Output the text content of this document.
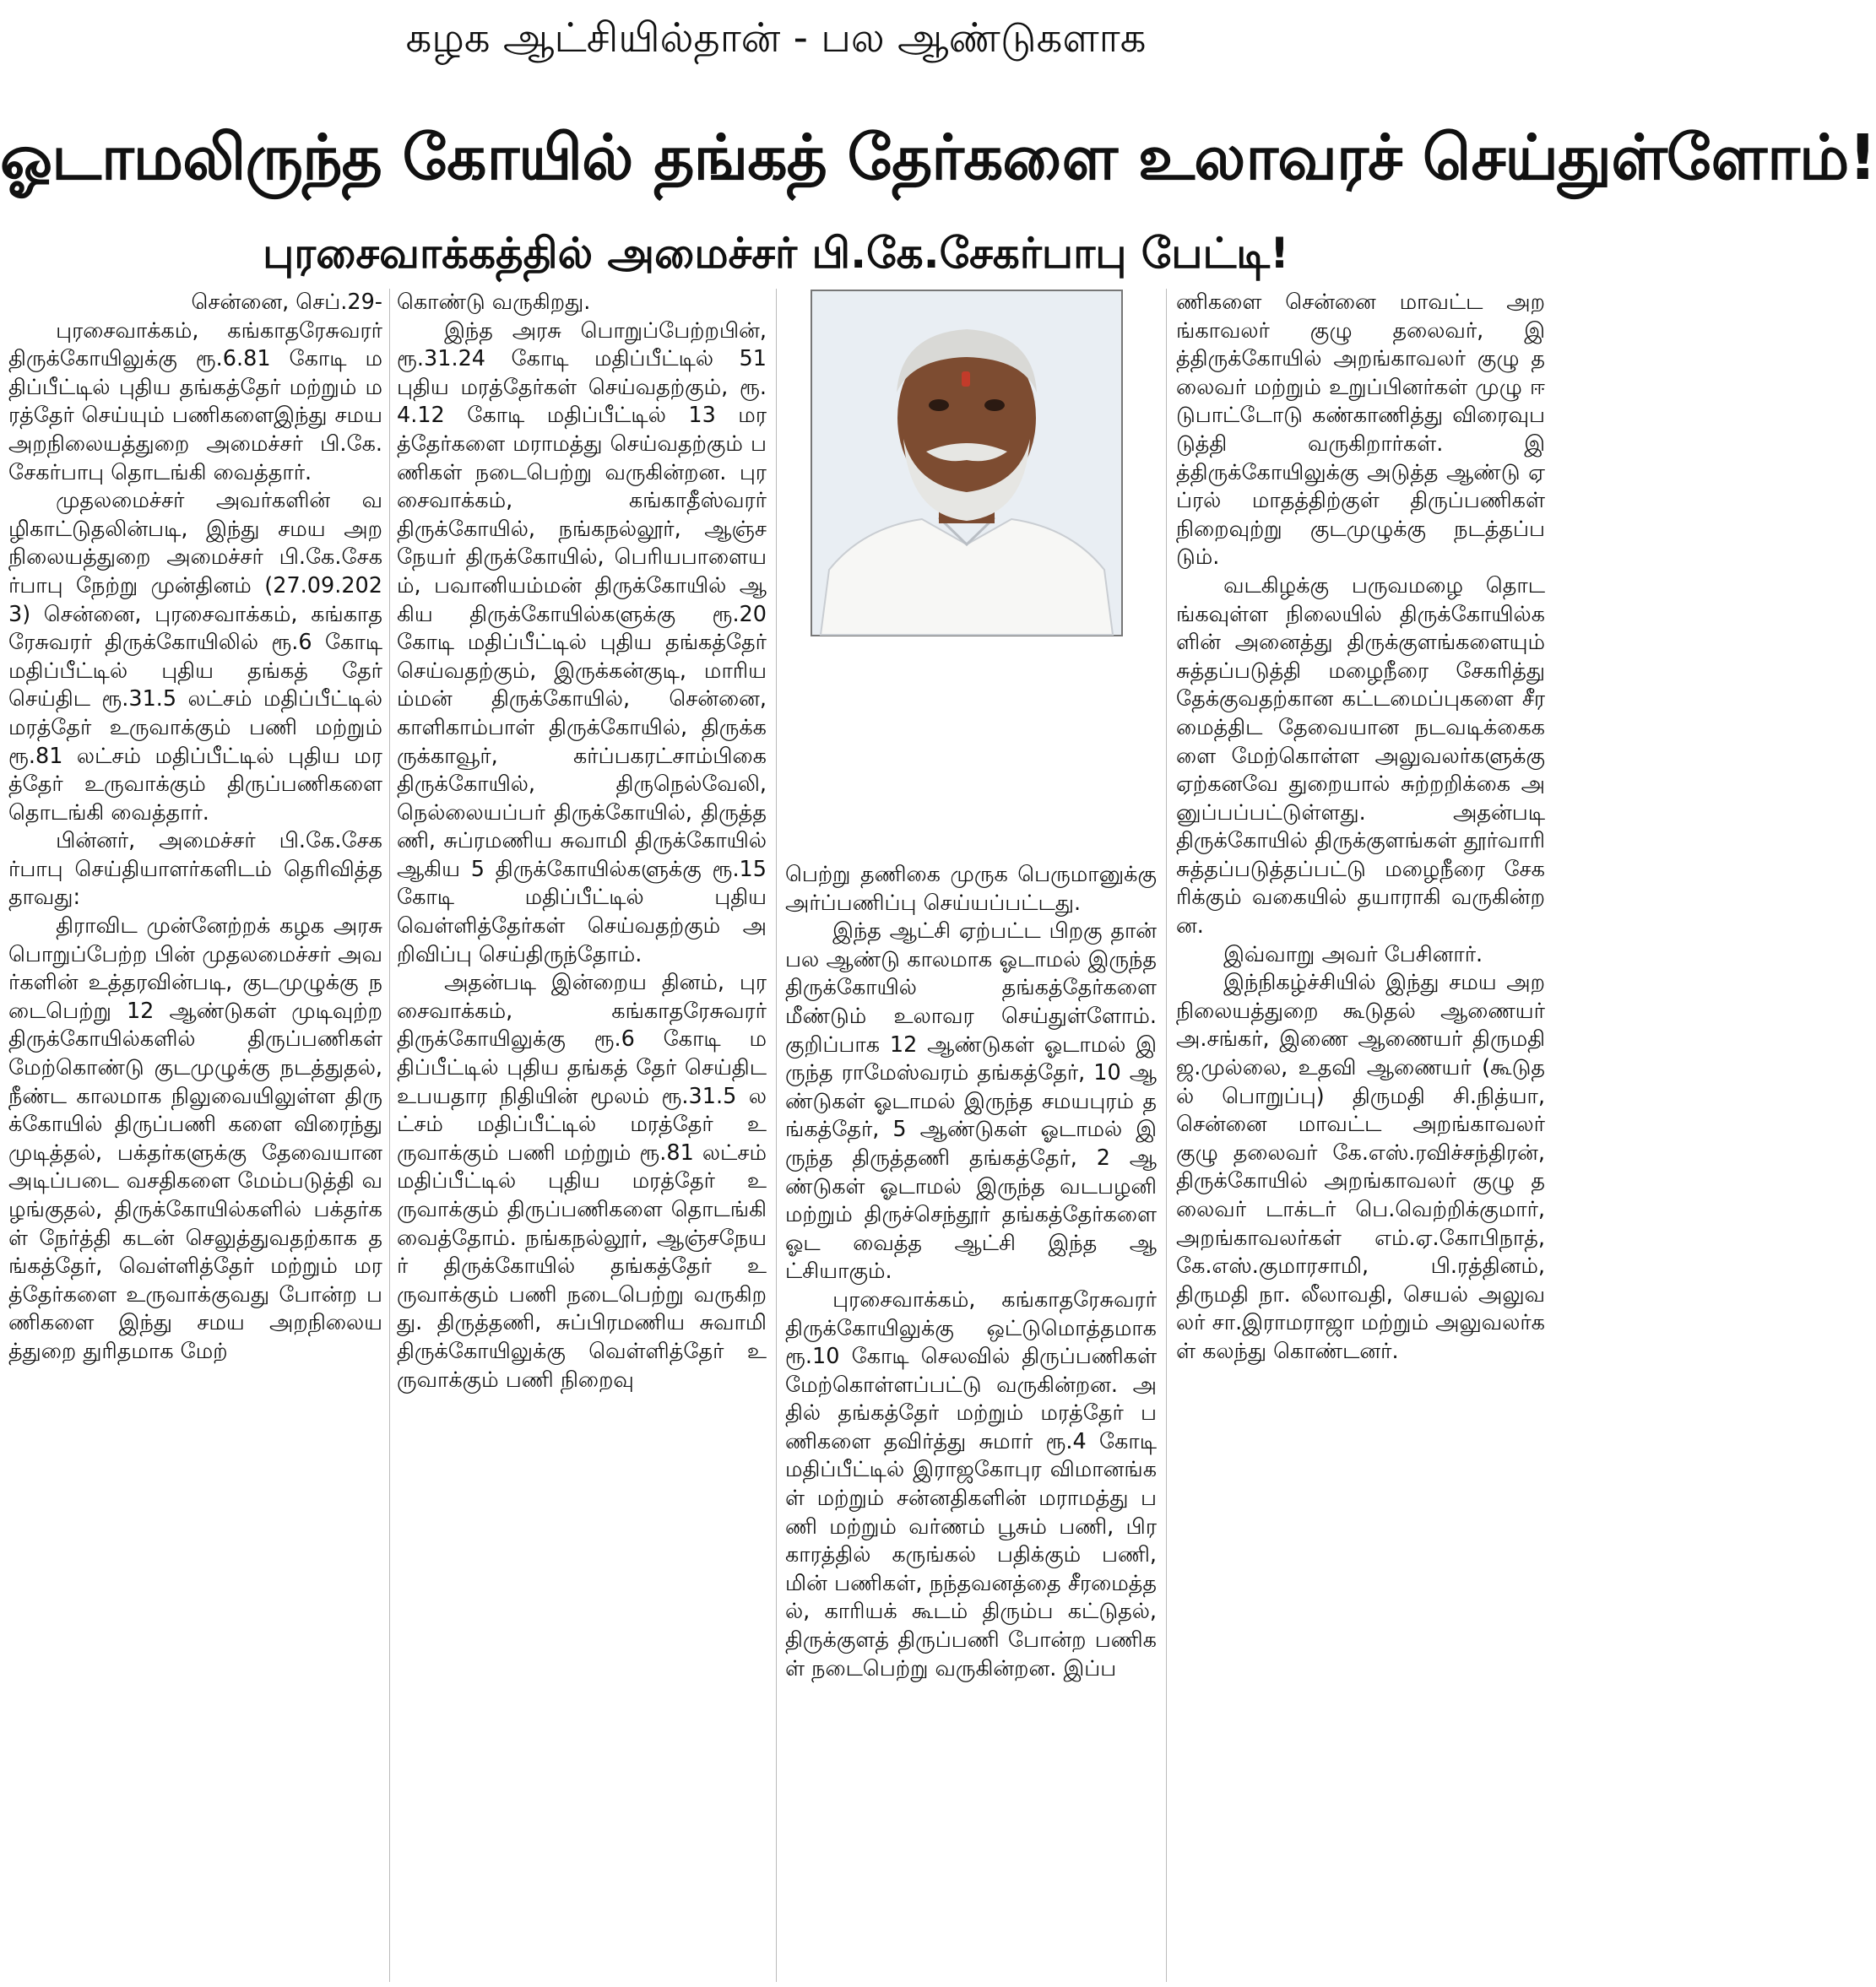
கழக ஆட்சியில்தான் - பல ஆண்டுகளாக
ஓடாமலிருந்த கோயில் தங்கத் தேர்களை உலாவரச் செய்துள்ளோம்!
புரசைவாக்கத்தில் அமைச்சர் பி.கே.சேகர்பாபு பேட்டி!

சென்னை, செப்.29-

புரசைவாக்கம், கங்காதரேசுவரர் திருக்கோயிலுக்கு ரூ.6.81 கோடி மதிப்பீட்டில் புதிய தங்கத்தேர் மற்றும் மரத்தேர் செய்யும் பணிகளைஇந்து சமய அறநிலையத்துறை அமைச்சர் பி.கே.சேகர்பாபு தொடங்கி வைத்தார்.

முதலமைச்சர் அவர்களின் வழிகாட்டுதலின்படி, இந்து சமய அறநிலையத்துறை அமைச்சர் பி.கே.சேகர்பாபு நேற்று முன்தினம் (27.09.2023) சென்னை, புரசைவாக்கம், கங்காதரேசுவரர் திருக்கோயிலில் ரூ.6 கோடி மதிப்பீட்டில் புதிய தங்கத் தேர் செய்திட ரூ.31.5 லட்சம் மதிப்பீட்டில் மரத்தேர் உருவாக்கும் பணி மற்றும் ரூ.81 லட்சம் மதிப்பீட்டில் புதிய மரத்தேர் உருவாக்கும் திருப்பணிகளை தொடங்கி வைத்தார்.

பின்னர், அமைச்சர் பி.கே.சேகர்பாபு செய்தியாளர்களிடம் தெரிவித்ததாவது:

திராவிட முன்னேற்றக் கழக அரசு பொறுப்பேற்ற பின் முதலமைச்சர் அவர்களின் உத்தரவின்படி, குடமுழுக்கு நடைபெற்று 12 ஆண்டுகள் முடிவுற்ற திருக்கோயில்களில் திருப்பணிகள் மேற்கொண்டு குடமுழுக்கு நடத்துதல், நீண்ட காலமாக நிலுவையிலுள்ள திரு க்கோயில் திருப்பணி களை விரைந்து முடித்தல், பக்தர்களுக்கு தேவையான அடிப்படை வசதிகளை மேம்படுத்தி வழங்குதல், திருக்கோயில்களில் பக்தர்கள் நேர்த்தி கடன் செலுத்துவதற்காக தங்கத்தேர், வெள்ளித்தேர் மற்றும் மரத்தேர்களை உருவாக்குவது போன்ற பணிகளை இந்து சமய அறநிலையத்துறை துரிதமாக மேற்

கொண்டு வருகிறது.

இந்த அரசு பொறுப்பேற்றபின், ரூ.31.24 கோடி மதிப்பீட்டில் 51 புதிய மரத்தேர்கள் செய்வதற்கும், ரூ.4.12 கோடி மதிப்பீட்டில் 13 மரத்தேர்களை மராமத்து செய்வதற்கும் பணிகள் நடைபெற்று வருகின்றன. புரசைவாக்கம், கங்காதீஸ்வரர் திருக்கோயில், நங்கநல்லூர், ஆஞ்சநேயர் திருக்கோயில், பெரியபாளையம், பவானியம்மன் திருக்கோயில் ஆகிய திருக்கோயில்களுக்கு ரூ.20 கோடி மதிப்பீட்டில் புதிய தங்கத்தேர் செய்வதற்கும், இருக்கன்குடி, மாரியம்மன் திருக்கோயில், சென்னை, காளிகாம்பாள் திருக்கோயில், திருக்கருக்காவூர், கர்ப்பகரட்சாம்பிகை திருக்கோயில், திருநெல்வேலி, நெல்லையப்பர் திருக்கோயில், திருத்தணி, சுப்ரமணிய சுவாமி திருக்கோயில் ஆகிய 5 திருக்கோயில்களுக்கு ரூ.15 கோடி மதிப்பீட்டில் புதிய வெள்ளித்தேர்கள் செய்வதற்கும் அறிவிப்பு செய்திருந்தோம்.

அதன்படி இன்றைய தினம், புரசைவாக்கம், கங்காதரேசுவரர் திருக்கோயிலுக்கு ரூ.6 கோடி மதிப்பீட்டில் புதிய தங்கத் தேர் செய்திட உபயதார நிதியின் மூலம் ரூ.31.5 லட்சம் மதிப்பீட்டில் மரத்தேர் உருவாக்கும் பணி மற்றும் ரூ.81 லட்சம் மதிப்பீட்டில் புதிய மரத்தேர் உருவாக்கும் திருப்பணிகளை தொடங்கி வைத்தோம். நங்கநல்லூர், ஆஞ்சநேயர் திருக்கோயில் தங்கத்தேர் உருவாக்கும் பணி நடைபெற்று வருகிறது. திருத்தணி, சுப்பிரமணிய சுவாமி திருக்கோயிலுக்கு வெள்ளித்தேர் உருவாக்கும் பணி நிறைவு

பெற்று தணிகை முருக பெருமானுக்கு அர்ப்பணிப்பு செய்யப்பட்டது.

இந்த ஆட்சி ஏற்பட்ட பிறகு தான் பல ஆண்டு காலமாக ஓடாமல் இருந்த திருக்கோயில் தங்கத்தேர்களை மீண்டும் உலாவர செய்துள்ளோம். குறிப்பாக 12 ஆண்டுகள் ஓடாமல் இருந்த ராமேஸ்வரம் தங்கத்தேர், 10 ஆண்டுகள் ஓடாமல் இருந்த சமயபுரம் தங்கத்தேர், 5 ஆண்டுகள் ஓடாமல் இருந்த திருத்தணி தங்கத்தேர், 2 ஆண்டுகள் ஓடாமல் இருந்த வடபழனி மற்றும் திருச்செந்தூர் தங்கத்தேர்களை ஓட வைத்த ஆட்சி இந்த ஆட்சியாகும்.

புரசைவாக்கம், கங்காதரேசுவரர் திருக்கோயிலுக்கு ஒட்டுமொத்தமாக ரூ.10 கோடி செலவில் திருப்பணிகள் மேற்கொள்ளப்பட்டு வருகின்றன. அதில் தங்கத்தேர் மற்றும் மரத்தேர் பணிகளை தவிர்த்து சுமார் ரூ.4 கோடி மதிப்பீட்டில் இராஜகோபுர விமானங்கள் மற்றும் சன்னதிகளின் மராமத்து பணி மற்றும் வர்ணம் பூசும் பணி, பிரகாரத்தில் கருங்கல் பதிக்கும் பணி, மின் பணிகள், நந்தவனத்தை சீரமைத்தல், காரியக் கூடம் திரும்ப கட்டுதல், திருக்குளத் திருப்பணி போன்ற பணிகள் நடைபெற்று வருகின்றன. இப்ப

ணிகளை சென்னை மாவட்ட அறங்காவலர் குழு தலைவர், இத்திருக்கோயில் அறங்காவலர் குழு தலைவர் மற்றும் உறுப்பினர்கள் முழு ஈடுபாட்டோடு கண்காணித்து விரைவுபடுத்தி வருகிறார்கள். இத்திருக்கோயிலுக்கு அடுத்த ஆண்டு ஏப்ரல் மாதத்திற்குள் திருப்பணிகள் நிறைவுற்று குடமுழுக்கு நடத்தப்படும்.

வடகிழக்கு பருவமழை தொடங்கவுள்ள நிலையில் திருக்கோயில்களின் அனைத்து திருக்குளங்களையும் சுத்தப்படுத்தி மழைநீரை சேகரித்து தேக்குவதற்கான கட்டமைப்புகளை சீரமைத்திட தேவையான நடவடிக்கைகளை மேற்கொள்ள அலுவலர்களுக்கு ஏற்கனவே துறையால் சுற்றறிக்கை அனுப்பப்பட்டுள்ளது. அதன்படி திருக்கோயில் திருக்குளங்கள் தூர்வாரி சுத்தப்படுத்தப்பட்டு மழைநீரை சேகரிக்கும் வகையில் தயாராகி வருகின்றன.

இவ்வாறு அவர் பேசினார்.

இந்நிகழ்ச்சியில் இந்து சமய அறநிலையத்துறை கூடுதல் ஆணையர் அ.சங்கர், இணை ஆணையர் திருமதி ஜ.முல்லை, உதவி ஆணையர் (கூடுதல் பொறுப்பு) திருமதி சி.நித்யா, சென்னை மாவட்ட அறங்காவலர் குழு தலைவர் கே.எஸ்.ரவிச்சந்திரன், திருக்கோயில் அறங்காவலர் குழு தலைவர் டாக்டர் பெ.வெற்றிக்குமார், அறங்காவலர்கள் எம்.ஏ.கோபிநாத், கே.எஸ்.குமாரசாமி, பி.ரத்தினம், திருமதி நா. லீலாவதி, செயல் அலுவலர் சா.இராமராஜா மற்றும் அலுவலர்கள் கலந்து கொண்டனர்.
